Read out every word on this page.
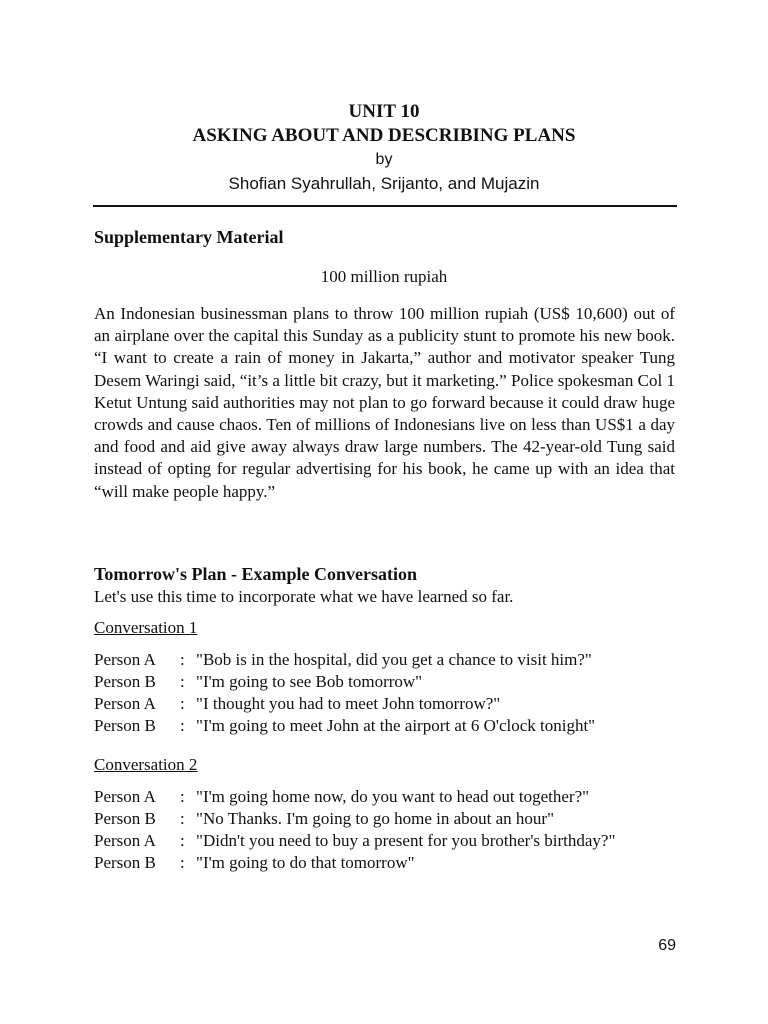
UNIT 10
ASKING ABOUT AND DESCRIBING PLANS
by
Shofian Syahrullah, Srijanto, and Mujazin
Supplementary Material
100 million rupiah
An Indonesian businessman plans to throw 100 million rupiah (US$ 10,600) out of an airplane over the capital this Sunday as a publicity stunt to promote his new book. “I want to create a rain of money in Jakarta,” author and motivator speaker Tung Desem Waringi said, “it’s a little bit crazy, but it marketing.” Police spokesman Col 1 Ketut Untung said authorities may not plan to go forward because it could draw huge crowds and cause chaos. Ten of millions of Indonesians live on less than US$1 a day and food and aid give away always draw large numbers. The 42-year-old Tung said instead of opting for regular advertising for his book, he came up with an idea that “will make people happy.”
Tomorrow's Plan - Example Conversation
Let's use this time to incorporate what we have learned so far.
Conversation 1
Person A	: "Bob is in the hospital, did you get a chance to visit him?"
Person B	: "I'm going to see Bob tomorrow"
Person A	: "I thought you had to meet John tomorrow?"
Person B	: "I'm going to meet John at the airport at 6 O'clock tonight"
Conversation 2
Person A	: "I'm going home now, do you want to head out together?"
Person B	: "No Thanks. I'm going to go home in about an hour"
Person A	: "Didn't you need to buy a present for you brother's birthday?"
Person B	: "I'm going to do that tomorrow"
69
